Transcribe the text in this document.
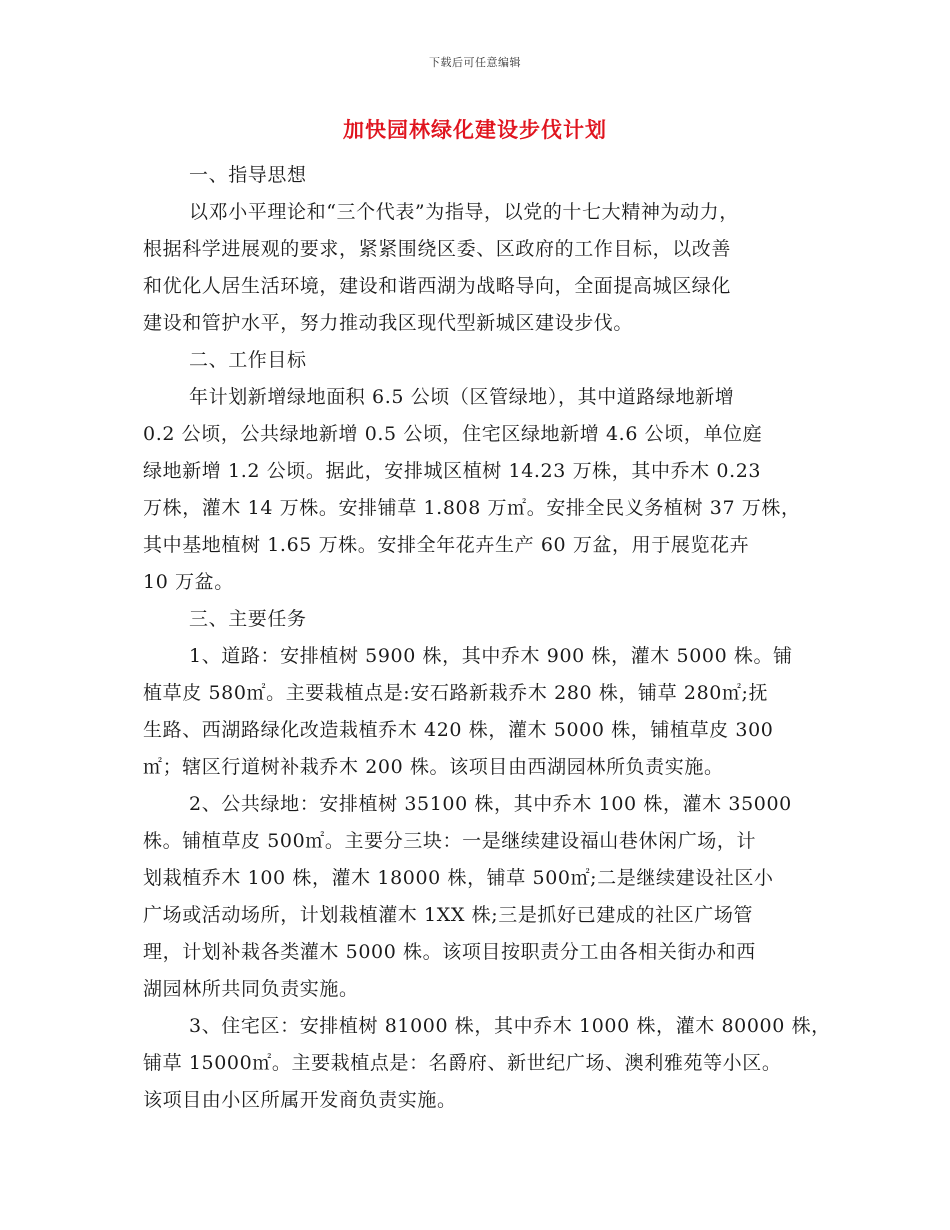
下载后可任意编辑
加快园林绿化建设步伐计划
一、指导思想
以邓小平理论和“三个代表”为指导，以党的十七大精神为动力，
根据科学进展观的要求，紧紧围绕区委、区政府的工作目标，以改善
和优化人居生活环境，建设和谐西湖为战略导向，全面提高城区绿化
建设和管护水平，努力推动我区现代型新城区建设步伐。
二、工作目标
年计划新增绿地面积 6.5 公顷（区管绿地），其中道路绿地新增
0.2 公顷，公共绿地新增 0.5 公顷，住宅区绿地新增 4.6 公顷，单位庭
绿地新增 1.2 公顷。据此，安排城区植树 14.23 万株，其中乔木 0.23
万株，灌木 14 万株。安排铺草 1.808 万㎡。安排全民义务植树 37 万株，
其中基地植树 1.65 万株。安排全年花卉生产 60 万盆，用于展览花卉
10 万盆。
三、主要任务
1、道路：安排植树 5900 株，其中乔木 900 株，灌木 5000 株。铺
植草皮 580㎡。主要栽植点是:安石路新栽乔木 280 株，铺草 280㎡;抚
生路、西湖路绿化改造栽植乔木 420 株，灌木 5000 株，铺植草皮 300
㎡；辖区行道树补栽乔木 200 株。该项目由西湖园林所负责实施。
2、公共绿地：安排植树 35100 株，其中乔木 100 株，灌木 35000
株。铺植草皮 500㎡。主要分三块：一是继续建设福山巷休闲广场，计
划栽植乔木 100 株，灌木 18000 株，铺草 500㎡;二是继续建设社区小
广场或活动场所，计划栽植灌木 1XX 株;三是抓好已建成的社区广场管
理，计划补栽各类灌木 5000 株。该项目按职责分工由各相关街办和西
湖园林所共同负责实施。
3、住宅区：安排植树 81000 株，其中乔木 1000 株，灌木 80000 株，
铺草 15000㎡。主要栽植点是：名爵府、新世纪广场、澳利雅苑等小区。
该项目由小区所属开发商负责实施。
